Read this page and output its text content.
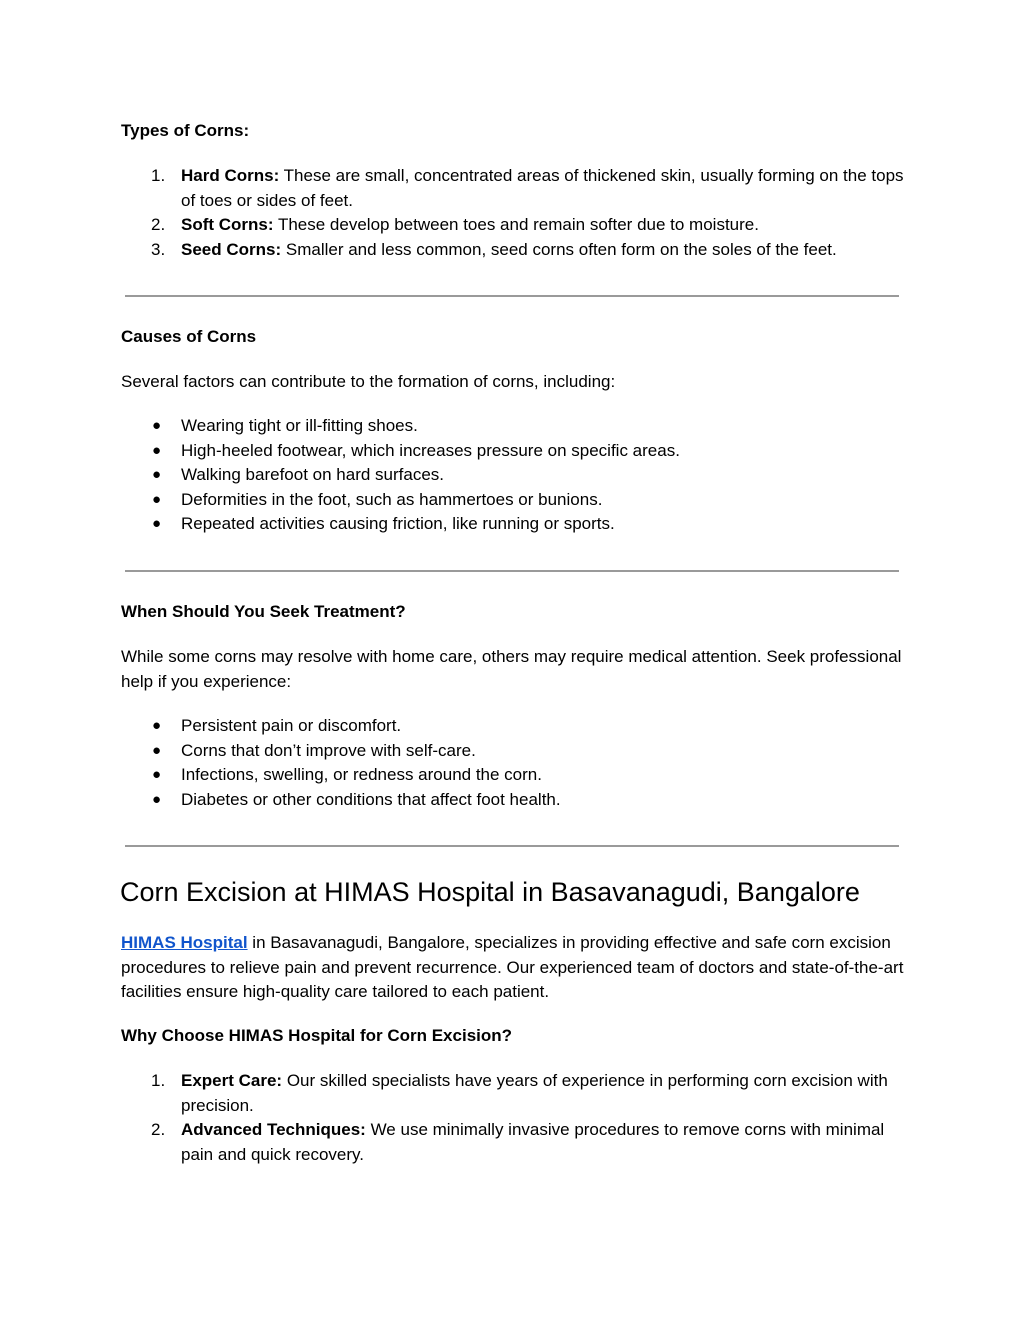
Types of Corns:
1. Hard Corns: These are small, concentrated areas of thickened skin, usually forming on the tops of toes or sides of feet.
2. Soft Corns: These develop between toes and remain softer due to moisture.
3. Seed Corns: Smaller and less common, seed corns often form on the soles of the feet.
Causes of Corns
Several factors can contribute to the formation of corns, including:
● Wearing tight or ill-fitting shoes.
● High-heeled footwear, which increases pressure on specific areas.
● Walking barefoot on hard surfaces.
● Deformities in the foot, such as hammertoes or bunions.
● Repeated activities causing friction, like running or sports.
When Should You Seek Treatment?
While some corns may resolve with home care, others may require medical attention. Seek professional help if you experience:
● Persistent pain or discomfort.
● Corns that don’t improve with self-care.
● Infections, swelling, or redness around the corn.
● Diabetes or other conditions that affect foot health.
Corn Excision at HIMAS Hospital in Basavanagudi, Bangalore
HIMAS Hospital in Basavanagudi, Bangalore, specializes in providing effective and safe corn excision procedures to relieve pain and prevent recurrence. Our experienced team of doctors and state-of-the-art facilities ensure high-quality care tailored to each patient.
Why Choose HIMAS Hospital for Corn Excision?
1. Expert Care: Our skilled specialists have years of experience in performing corn excision with precision.
2. Advanced Techniques: We use minimally invasive procedures to remove corns with minimal pain and quick recovery.
